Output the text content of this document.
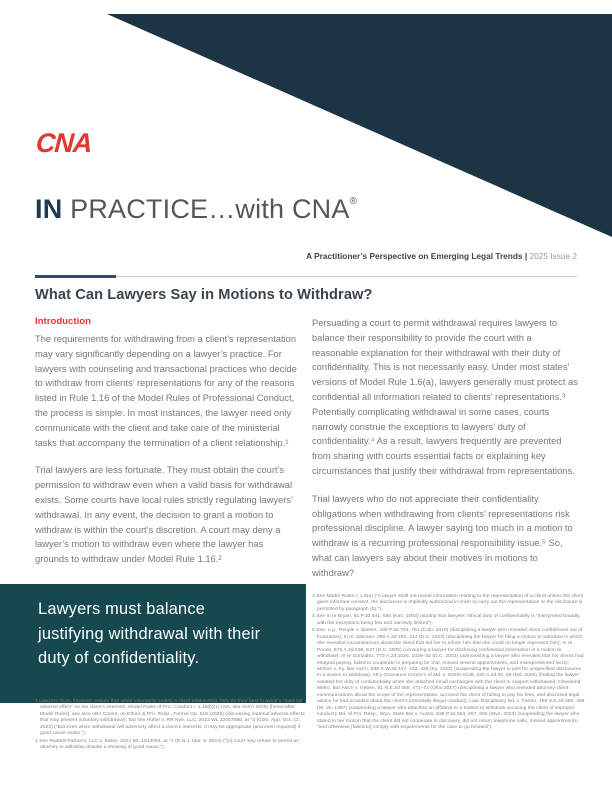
CNA
IN PRACTICE…with CNA®
A Practitioner’s Perspective on Emerging Legal Trends | 2025 Issue 2
What Can Lawyers Say in Motions to Withdraw?
Introduction

The requirements for withdrawing from a client’s representation may vary significantly depending on a lawyer’s practice. For lawyers with counseling and transactional practices who decide to withdraw from clients’ representations for any of the reasons listed in Rule 1.16 of the Model Rules of Professional Conduct, the process is simple. In most instances, the lawyer need only communicate with the client and take care of the ministerial tasks that accompany the termination of a client relationship.¹

Trial lawyers are less fortunate. They must obtain the court’s permission to withdraw even when a valid basis for withdrawal exists. Some courts have local rules strictly regulating lawyers’ withdrawal. In any event, the decision to grant a motion to withdraw is within the court’s discretion. A court may deny a lawyer’s motion to withdraw even where the lawyer has grounds to withdraw under Model Rule 1.16.²

Persuading a court to permit withdrawal requires lawyers to balance their responsibility to provide the court with a reasonable explanation for their withdrawal with their duty of confidentiality. This is not necessarily easy. Under most states’ versions of Model Rule 1.6(a), lawyers generally must protect as confidential all information related to clients’ representations.³ Potentially complicating withdrawal in some cases, courts narrowly construe the exceptions to lawyers’ duty of confidentiality.⁴ As a result, lawyers frequently are prevented from sharing with courts essential facts or explaining key circumstances that justify their withdrawal from representations.

Trial lawyers who do not appreciate their confidentiality obligations when withdrawing from clients’ representations risk professional discipline. A lawyer saying too much in a motion to withdraw is a recurring professional responsibility issue.⁵ So, what can lawyers say about their motives in motions to withdraw?

Lawyers must balance
justifying withdrawal with their
duty of confidentiality.
1 Lawyers must, however, ensure that when voluntarily ending a client relationship, they do their best to avoid a “material adverse effect” on the client’s interests. Model Rules of Pro. Conduct r. 1.16(b)(1) (Am. Bar Ass’n 2025) [hereinafter Model Rules]; see also ABA Comm. on Ethics & Pro. Resp., Formal Op. 516 (2025) (discussing material adverse effects that may prevent voluntary withdrawal). But see Hufler v. RR Nye, LLC, 2023 WL 12057080, at *3 (Colo. App. Oct. 12, 2023) (“But even when withdrawal will adversely affect a client’s interests, it may be appropriate (and even required) if good cause exists.”).
2 See Rastelli Partners, LLC v. Baker, 2024 WL 1913084, at *1 (D.N.J. Mar. 6, 2024) (“[A] court may refuse to permit an attorney to withdraw despite a showing of good cause.”).
3 See Model Rules r. 1.6(a) (“A lawyer shall not reveal information relating to the representation of a client unless the client gives informed consent, the disclosure is impliedly authorized in order to carry out the representation or the disclosure is permitted by paragraph (b).”).
4 See In re Bryan, 61 P.3d 641, 656 (Kan. 2003) (stating that lawyers’ ethical duty of confidentiality is “interpreted broadly, with the exceptions being few and narrowly limited”).
5 See, e.g., People v. Waters, 438 P.3d 753, 761 (Colo. 2019) (disciplining a lawyer who revealed client confidences out of frustration); In re Johnson, 298 A.3d 294, 314 (D.C. 2023) (disciplining the lawyer for filing a motion to withdraw in which she revealed circumstances about the client that led her to inform him that she could no longer represent him); In re Ponds, 876 A.2d 636, 637 (D.C. 2005) (censuring a lawyer for disclosing confidential information in a motion to withdraw); In re Gonzalez, 773 A.2d 1026, 1029–32 (D.C. 2001) (admonishing a lawyer who revealed that his clients had stopped paying, failed to cooperate in preparing for trial, missed several appointments, and misrepresented facts); Mohon v. Ky. Bar Ass’n, 638 S.W.3d 417, 422, 429 (Ky. 2022) (suspending the lawyer in part for unspecified disclosures in a motion to withdraw); Att’y Grievance Comm’n of Md. v. Smith-Scott, 230 A.3d 30, 69 (Md. 2020) (finding the lawyer violated her duty of confidentiality when she attached email exchanges with the client to support withdrawal); Cleveland Metro. Bar Ass’n v. Heben, 81 N.E.3d 469, 471–72 (Ohio 2017) (disciplining a lawyer who revealed attorney-client communications about the scope of the representation, accused the client of failing to pay his fees, and disclosed legal advice he had provided about the client’s potentially illegal conduct); Law. Disciplinary Bd. v. Farber, 488 S.E.2d 460, 466 (W. Va. 1997) (suspending a lawyer who attached an affidavit to a motion to withdraw accusing the client of improper conduct); Bd. of Pro. Resp., Wyo. State Bar v. Austin, 538 P.3d 653, 657, 660 (Wyo. 2023) (suspending the lawyer who stated in her motion that the client did not cooperate in discovery, did not return telephone calls, missed appointments, “and otherwise [failed to] comply with requirements for the case to go forward”).
